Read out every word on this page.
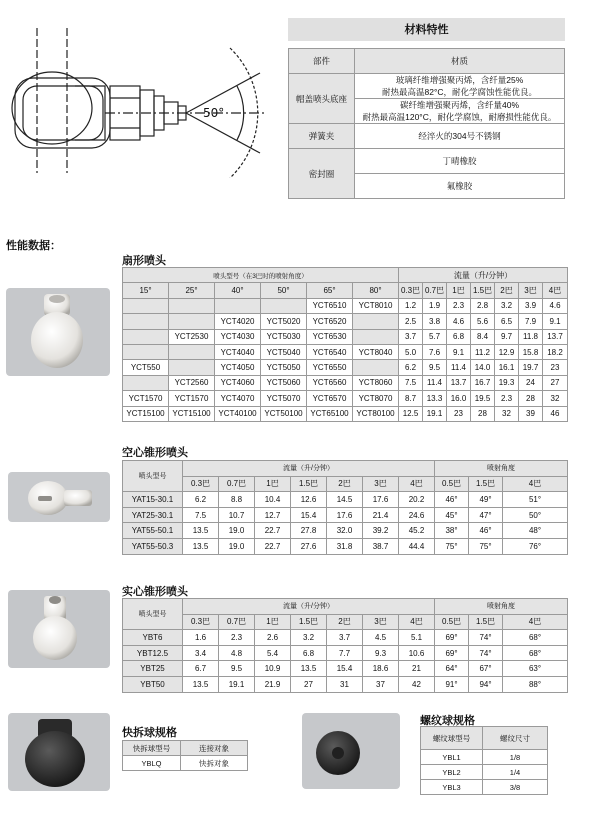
50°
材料特性
部件	材质
帽盖喷头底座	玻璃纤维增强聚丙烯，含纤量25%
耐热最高温82°C，耐化学腐蚀性能优良。

	碳纤维增强聚丙烯，含纤量40%
耐热最高温120°C，耐化学腐蚀，耐磨损性能优良。

弹簧夹	经淬火的304号不锈钢
密封圈	丁晴橡胶
	氟橡胶
性能数据：
扇形喷头
喷头型号（在3巴时的喷射角度）						流量（升/分钟）						
15°	25°	40°	50°	65°	80°	0.3巴	0.7巴	1巴	1.5巴	2巴	3巴	4巴
				YCT6510	YCT8010	1.2	1.9	2.3	2.8	3.2	3.9	4.6
		YCT4020	YCT5020	YCT6520		2.5	3.8	4.6	5.6	6.5	7.9	9.1
	YCT2530	YCT4030	YCT5030	YCT6530		3.7	5.7	6.8	8.4	9.7	11.8	13.7
		YCT4040	YCT5040	YCT6540	YCT8040	5.0	7.6	9.1	11.2	12.9	15.8	18.2
YCT550		YCT4050	YCT5050	YCT6550		6.2	9.5	11.4	14.0	16.1	19.7	23
	YCT2560	YCT4060	YCT5060	YCT6560	YCT8060	7.5	11.4	13.7	16.7	19.3	24	27
YCT1570	YCT1570	YCT4070	YCT5070	YCT6570	YCT8070	8.7	13.3	16.0	19.5	2.3	28	32
YCT15100	YCT15100	YCT40100	YCT50100	YCT65100	YCT80100	12.5	19.1	23	28	32	39	46
空心锥形喷头
喷头型号	流量（升/分钟）							喷射角度		
	0.3巴	0.7巴	1巴	1.5巴	2巴	3巴	4巴	0.5巴	1.5巴	4巴
YAT15-30.1	6.2	8.8	10.4	12.6	14.5	17.6	20.2	46°	49°	51°
YAT25-30.1	7.5	10.7	12.7	15.4	17.6	21.4	24.6	45°	47°	50°
YAT55-50.1	13.5	19.0	22.7	27.8	32.0	39.2	45.2	38°	46°	48°
YAT55-50.3	13.5	19.0	22.7	27.6	31.8	38.7	44.4	75°	75°	76°
实心锥形喷头
喷头型号	流量（升/分钟）							喷射角度		
	0.3巴	0.7巴	1巴	1.5巴	2巴	3巴	4巴	0.5巴	1.5巴	4巴
YBT6	1.6	2.3	2.6	3.2	3.7	4.5	5.1	69°	74°	68°
YBT12.5	3.4	4.8	5.4	6.8	7.7	9.3	10.6	69°	74°	68°
YBT25	6.7	9.5	10.9	13.5	15.4	18.6	21	64°	67°	63°
YBT50	13.5	19.1	21.9	27	31	37	42	91°	94°	88°
快拆球规格
快拆球型号	连接对象
YBLQ	快拆对象
螺纹球规格
螺纹球型号	螺纹尺寸
YBL1	1/8
YBL2	1/4
YBL3	3/8
